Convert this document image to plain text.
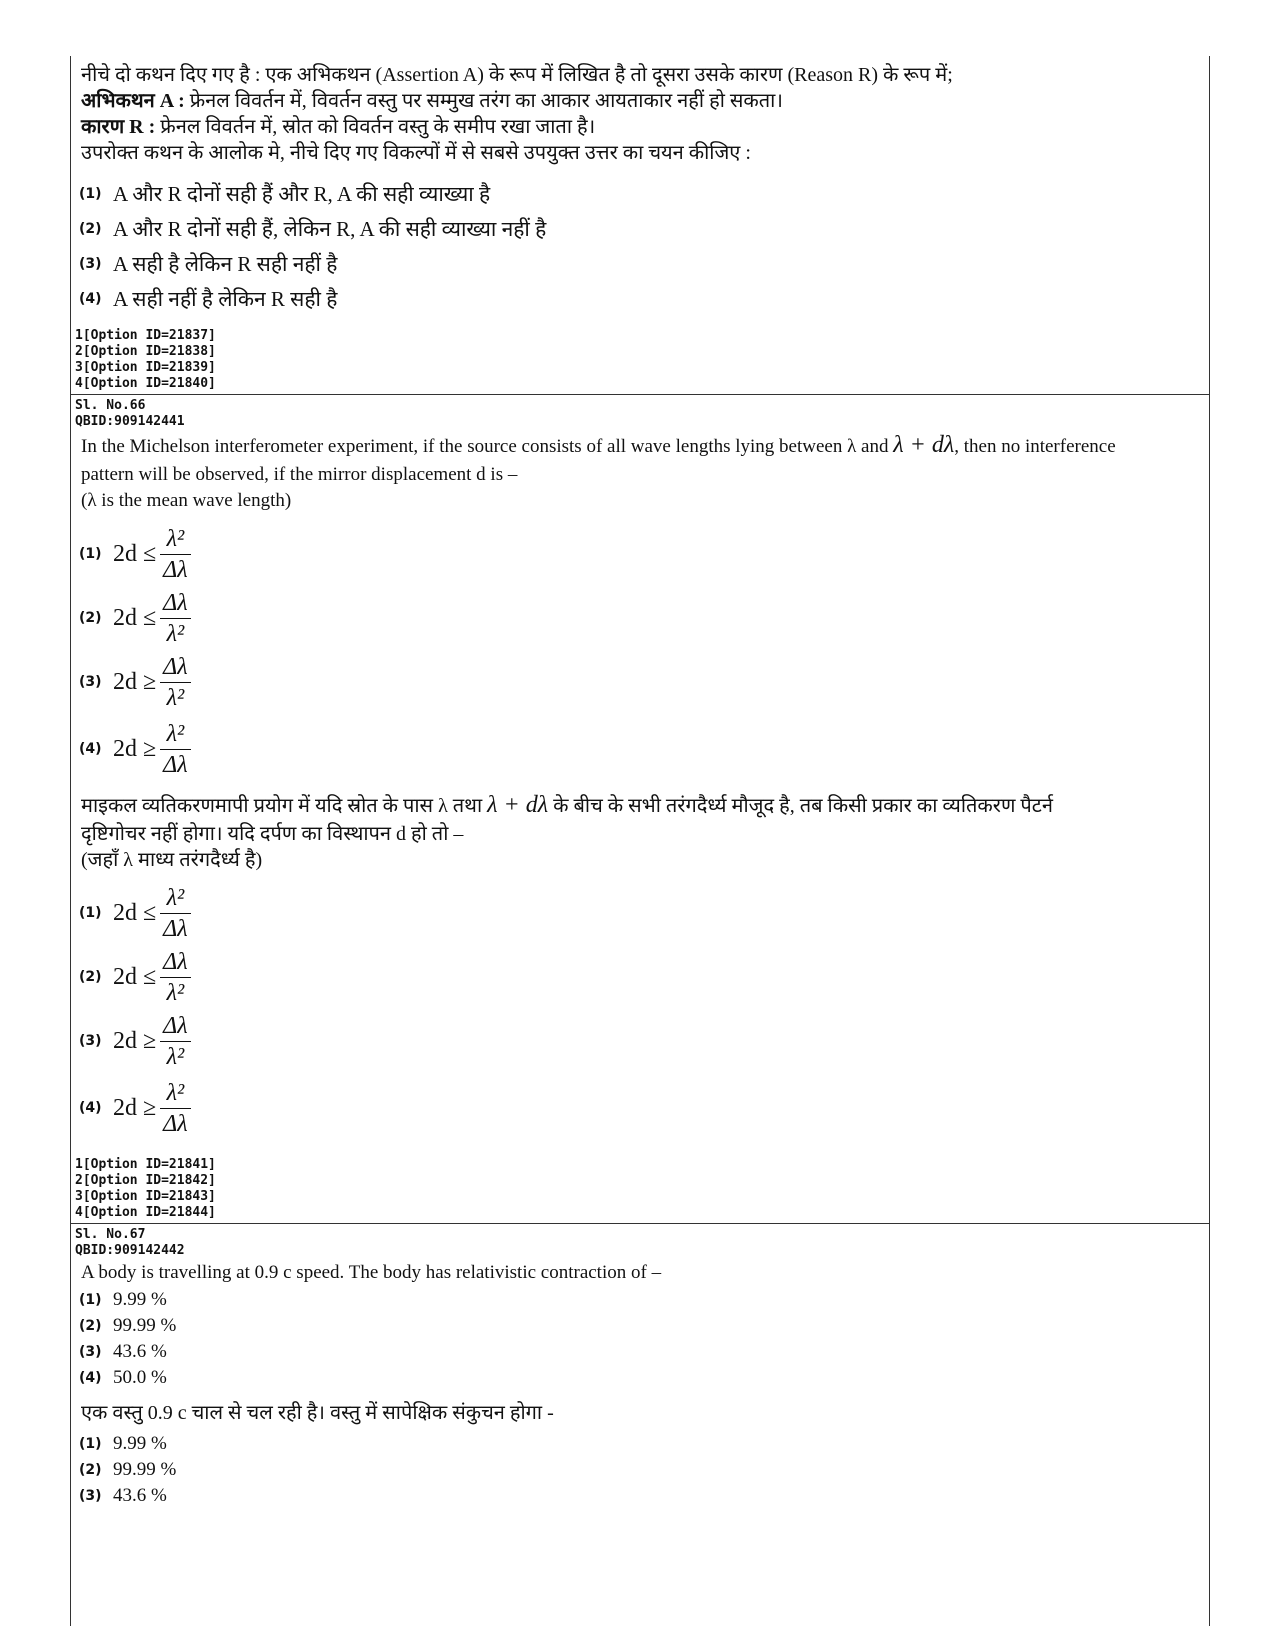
नीचे दो कथन दिए गए है : एक अभिकथन (Assertion A) के रूप में लिखित है तो दूसरा उसके कारण (Reason R) के रूप में;
अभिकथन A : फ्रेनल विवर्तन में, विवर्तन वस्तु पर सम्मुख तरंग का आकार आयताकार नहीं हो सकता।
कारण R : फ्रेनल विवर्तन में, स्रोत को विवर्तन वस्तु के समीप रखा जाता है।
उपरोक्त कथन के आलोक मे, नीचे दिए गए विकल्पों में से सबसे उपयुक्त उत्तर का चयन कीजिए :
(1) A और R दोनों सही हैं और R, A की सही व्याख्या है
(2) A और R दोनों सही हैं, लेकिन R, A की सही व्याख्या नहीं है
(3) A सही है लेकिन R सही नहीं है
(4) A सही नहीं है लेकिन R सही है
1[Option ID=21837]
2[Option ID=21838]
3[Option ID=21839]
4[Option ID=21840]
Sl. No.66
QBID:909142441
In the Michelson interferometer experiment, if the source consists of all wave lengths lying between λ and λ + dλ, then no interference
pattern will be observed, if the mirror displacement d is –
(λ is the mean wave length)
(1) $2d \le \frac{\text{λ²}}{\Delta\lambda}$
(2) $2d \le \frac{\Delta\lambda}{\text{λ²}}$
(3) $2d \ge \frac{\Delta\lambda}{\text{λ²}}$
(4) $2d \ge \frac{\text{λ²}}{\Delta\lambda}$
माइकल व्यतिकरणमापी प्रयोग में यदि स्रोत के पास λ तथा λ + dλ के बीच के सभी तरंगदैर्ध्य मौजूद है, तब किसी प्रकार का व्यतिकरण पैटर्न
दृष्टिगोचर नहीं होगा। यदि दर्पण का विस्थापन d हो तो –
(जहाँ λ माध्य तरंगदैर्ध्य है)
(1) $2d \le \frac{\text{λ²}}{\Delta\lambda}$
(2) $2d \le \frac{\Delta\lambda}{\text{λ²}}$
(3) $2d \ge \frac{\Delta\lambda}{\text{λ²}}$
(4) $2d \ge \frac{\text{λ²}}{\Delta\lambda}$
1[Option ID=21841]
2[Option ID=21842]
3[Option ID=21843]
4[Option ID=21844]
Sl. No.67
QBID:909142442
A body is travelling at 0.9 c speed. The body has relativistic contraction of –
(1) 9.99 %
(2) 99.99 %
(3) 43.6 %
(4) 50.0 %
एक वस्तु 0.9 c चाल से चल रही है। वस्तु में सापेक्षिक संकुचन होगा -
(1) 9.99 %
(2) 99.99 %
(3) 43.6 %
